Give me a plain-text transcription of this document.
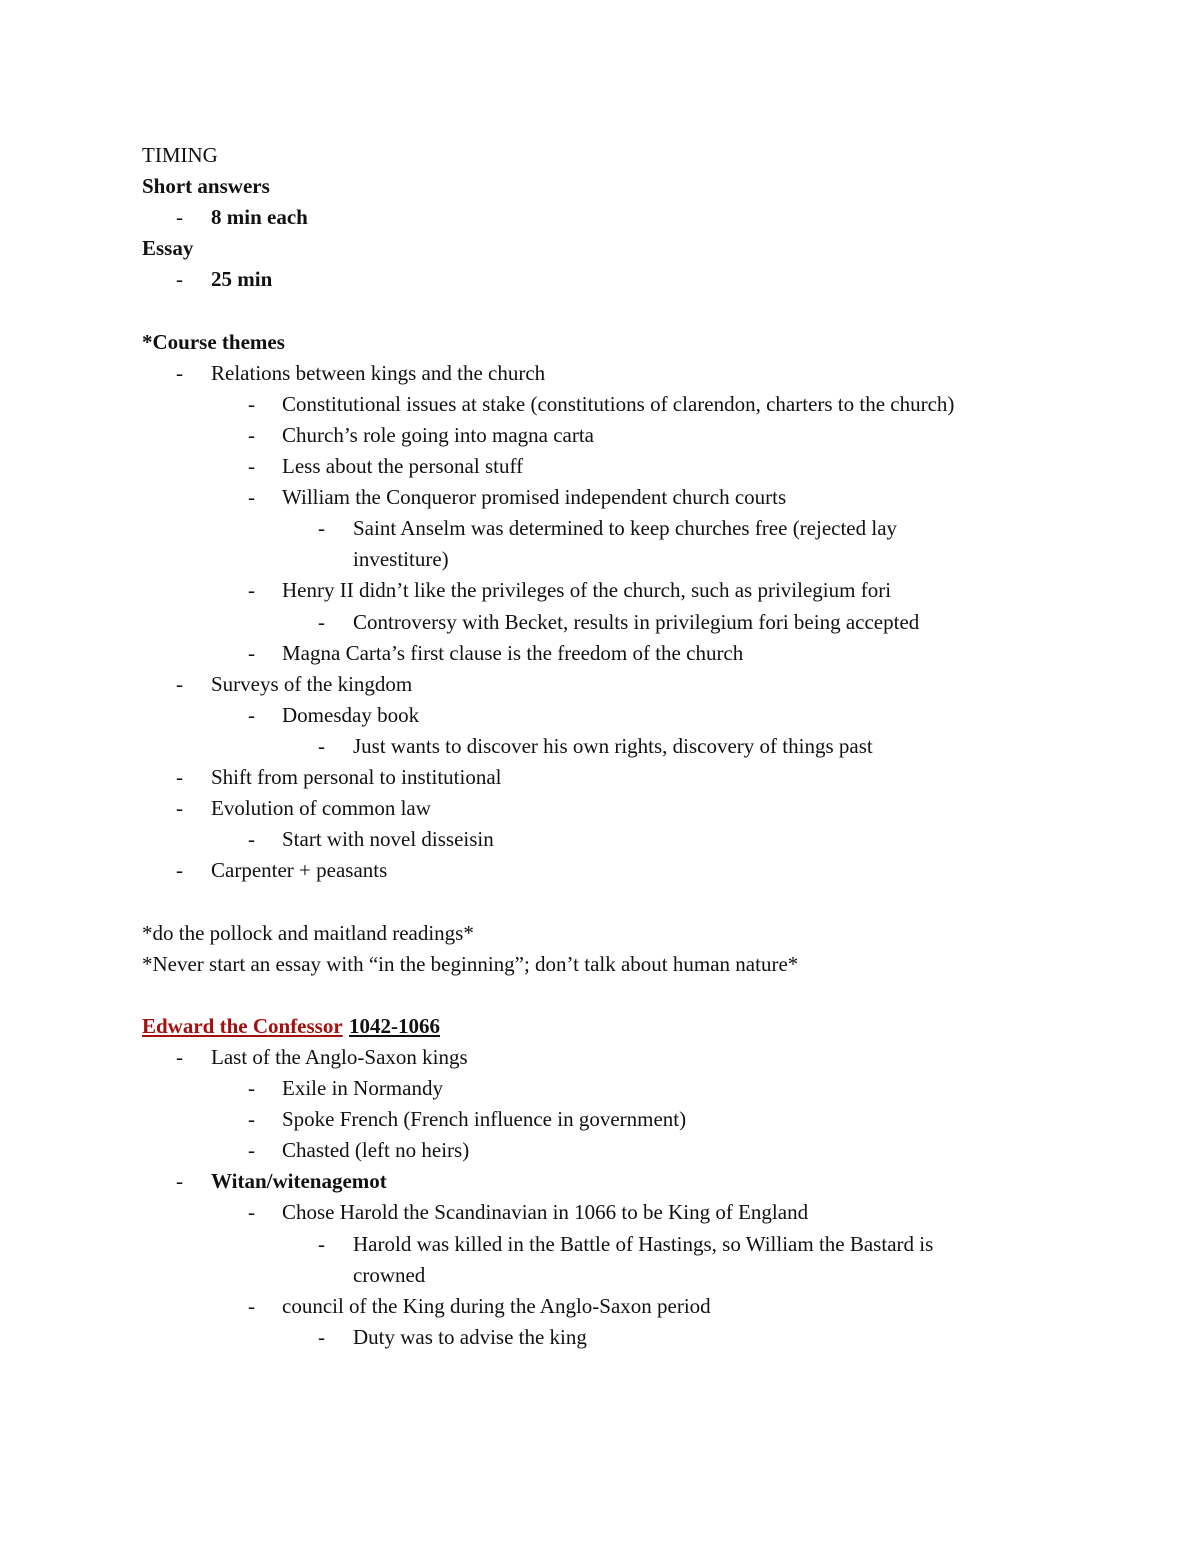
TIMING
Short answers
- 8 min each
Essay
- 25 min
*Course themes
- Relations between kings and the church
- Constitutional issues at stake (constitutions of clarendon, charters to the church)
- Church’s role going into magna carta
- Less about the personal stuff
- William the Conqueror promised independent church courts
- Saint Anselm was determined to keep churches free (rejected lay
investiture)
- Henry II didn’t like the privileges of the church, such as privilegium fori
- Controversy with Becket, results in privilegium fori being accepted
- Magna Carta’s first clause is the freedom of the church
- Surveys of the kingdom
- Domesday book
- Just wants to discover his own rights, discovery of things past
- Shift from personal to institutional
- Evolution of common law
- Start with novel disseisin
- Carpenter + peasants
*do the pollock and maitland readings*
*Never start an essay with “in the beginning”; don’t talk about human nature*
Edward the Confessor 1042-1066
- Last of the Anglo-Saxon kings
- Exile in Normandy
- Spoke French (French influence in government)
- Chasted (left no heirs)
- Witan/witenagemot
- Chose Harold the Scandinavian in 1066 to be King of England
- Harold was killed in the Battle of Hastings, so William the Bastard is
crowned
- council of the King during the Anglo-Saxon period
- Duty was to advise the king
